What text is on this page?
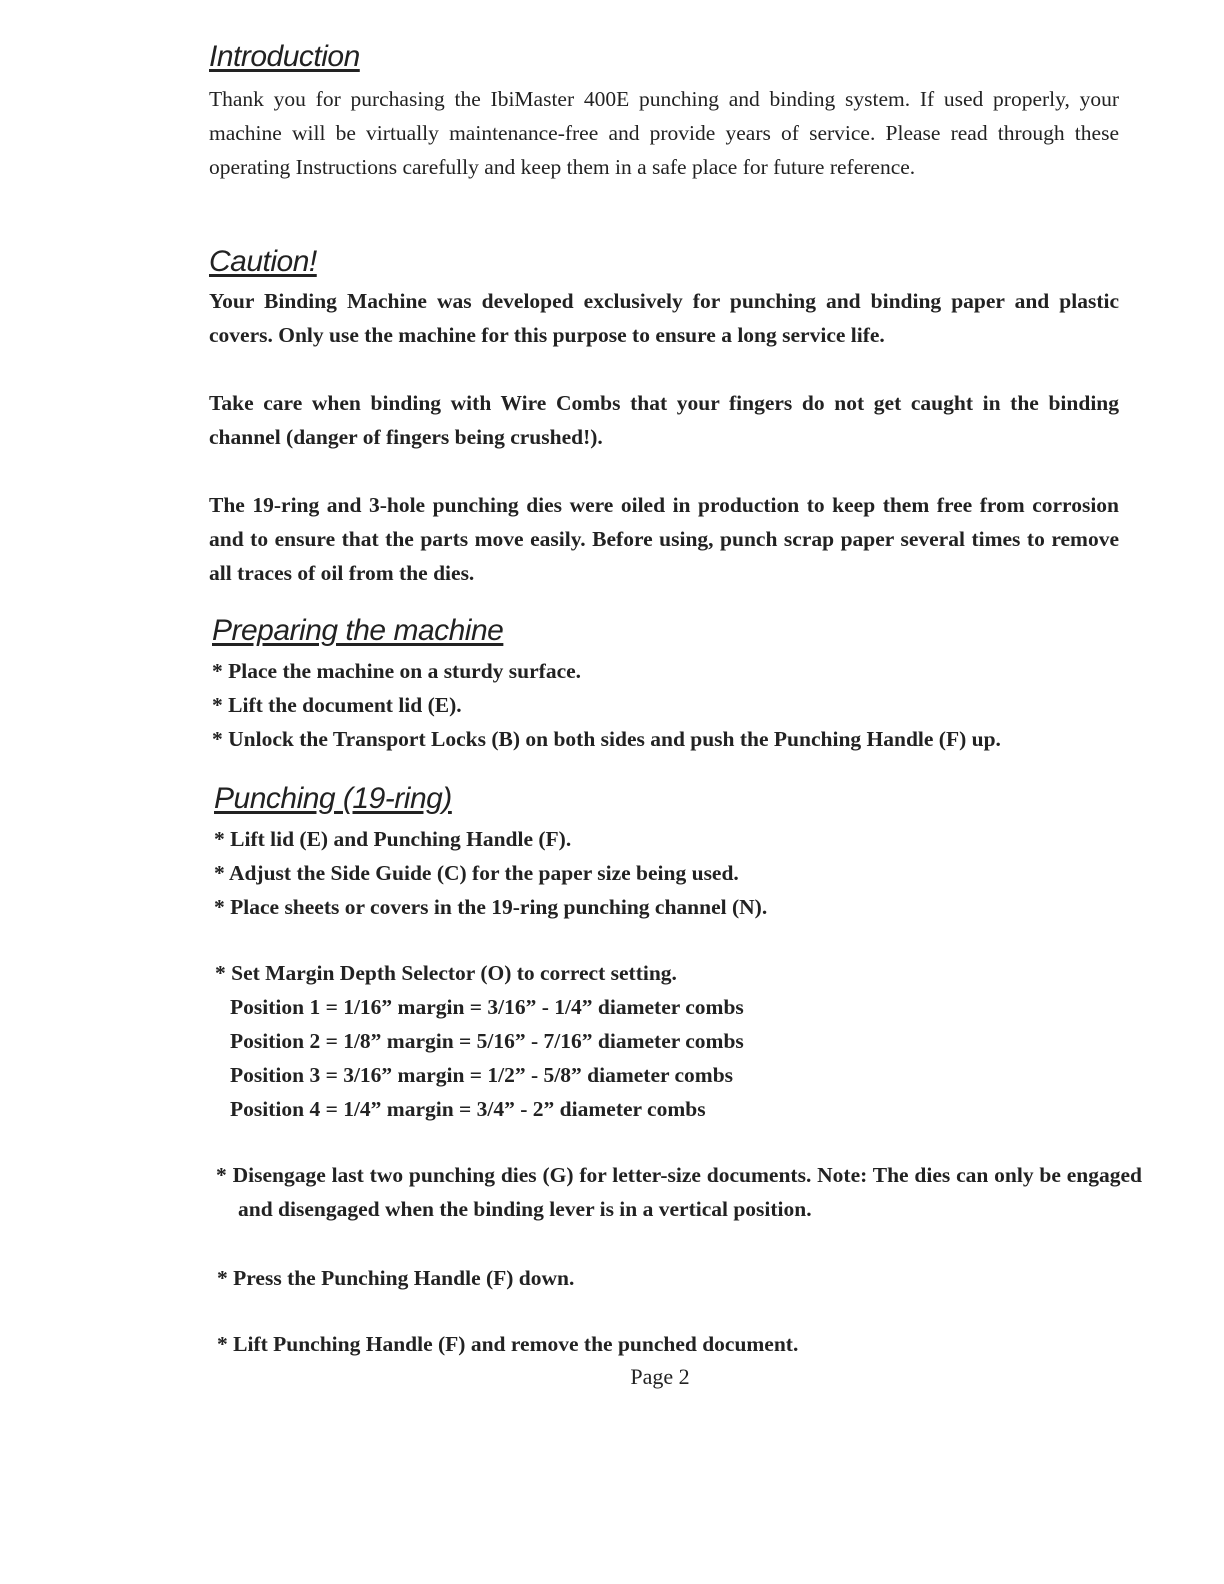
Introduction

Thank you for purchasing the IbiMaster 400E punching and binding system. If used properly, your machine will be virtually maintenance-free and provide years of service. Please read through these operating Instructions carefully and keep them in a safe place for future reference.

Caution!

Your Binding Machine was developed exclusively for punching and binding paper and plastic covers. Only use the machine for this purpose to ensure a long service life.

Take care when binding with Wire Combs that your fingers do not get caught in the binding channel (danger of fingers being crushed!).

The 19-ring and 3-hole punching dies were oiled in production to keep them free from corrosion and to ensure that the parts move easily. Before using, punch scrap paper several times to remove all traces of oil from the dies.

Preparing the machine
* Place the machine on a sturdy surface.
* Lift the document lid (E).
* Unlock the Transport Locks (B) on both sides and push the Punching Handle (F) up.
Punching (19-ring)
* Lift lid (E) and Punching Handle (F).
* Adjust the Side Guide (C) for the paper size being used.
* Place sheets or covers in the 19-ring punching channel (N).
* Set Margin Depth Selector (O) to correct setting.
Position 1 = 1/16” margin = 3/16” - 1/4” diameter combs
Position 2 = 1/8” margin = 5/16” - 7/16” diameter combs
Position 3 = 3/16” margin = 1/2” - 5/8” diameter combs
Position 4 = 1/4” margin = 3/4” - 2” diameter combs

* Disengage last two punching dies (G) for letter-size documents. Note: The dies can only be engaged and disengaged when the binding lever is in a vertical position.

* Press the Punching Handle (F) down.
* Lift Punching Handle (F) and remove the punched document.
Page 2
